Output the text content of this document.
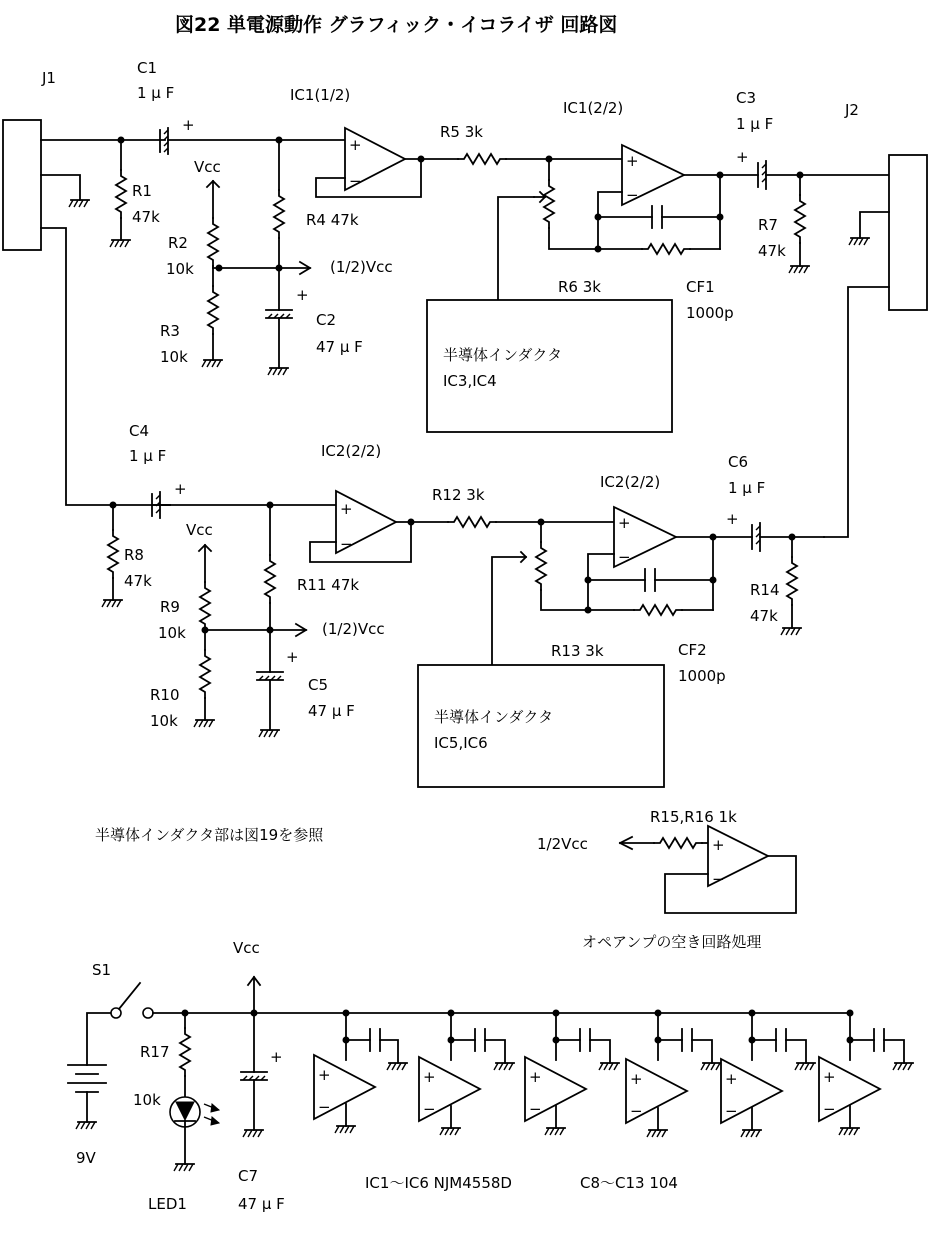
図22 単電源動作 グラフィック・イコライザ 回路図
J1
R1
47k
+
C1
1 μ F
Vcc
R2
10k
R3
10k
(1/2)Vcc
+
R4 47k
C2
47 μ F
+
−
IC1(1/2)
R5 3k
+
−
IC1(2/2)
R6 3k	CF1
1000p
半導体インダクタ
IC3,IC4
+
C3
1 μ F
R7
47k
J2
R8
47k
+
C4
1 μ F
Vcc
R9
10k
R10
10k
(1/2)Vcc
+
R11 47k
C5
47 μ F
+
−
IC2(2/2)
R12 3k
+
−
IC2(2/2)
R13 3k	CF2
1000p
半導体インダクタ
IC5,IC6
+
C6
1 μ F
R14
47k
半導体インダクタ部は図19を参照
+
−
R15,R16 1k
1/2Vcc
オペアンプの空き回路処理
+
Vcc
S1
R17
10k
9V
LED1
C7
47 μ F
+
−
+
−
+
−
+
−
+
−
+
−
IC1～IC6 NJM4558D	C8～C13 104
